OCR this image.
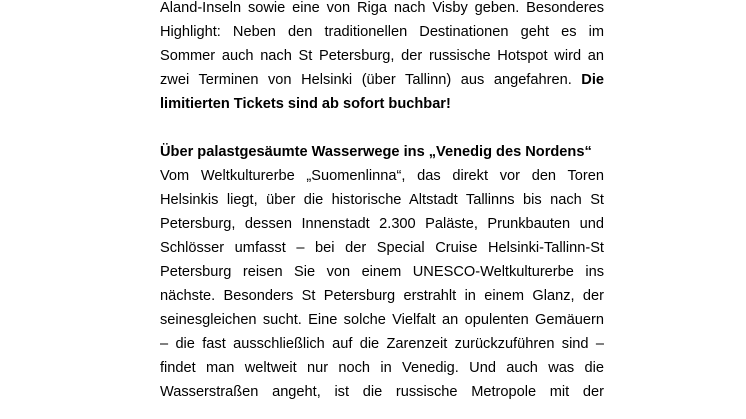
Aland-Inseln sowie eine von Riga nach Visby geben. Besonderes
Highlight: Neben den traditionellen Destinationen geht es im
Sommer auch nach St Petersburg, der russische Hotspot wird an
zwei Terminen von Helsinki (über Tallinn) aus angefahren. Die
limitierten Tickets sind ab sofort buchbar!
Über palastgesäumte Wasserwege ins „Venedig des Nordens“
Vom Weltkulturerbe „Suomenlinna“, das direkt vor den Toren
Helsinkis liegt, über die historische Altstadt Tallinns bis nach St
Petersburg, dessen Innenstadt 2.300 Paläste, Prunkbauten und
Schlösser umfasst – bei der Special Cruise Helsinki-Tallinn-St
Petersburg reisen Sie von einem UNESCO-Weltkulturerbe ins
nächste. Besonders St Petersburg erstrahlt in einem Glanz, der
seinesgleichen sucht. Eine solche Vielfalt an opulenten Gemäuern
– die fast ausschließlich auf die Zarenzeit zurückzuführen sind –
findet man weltweit nur noch in Venedig. Und auch was die
Wasserstraßen angeht, ist die russische Metropole mit der
